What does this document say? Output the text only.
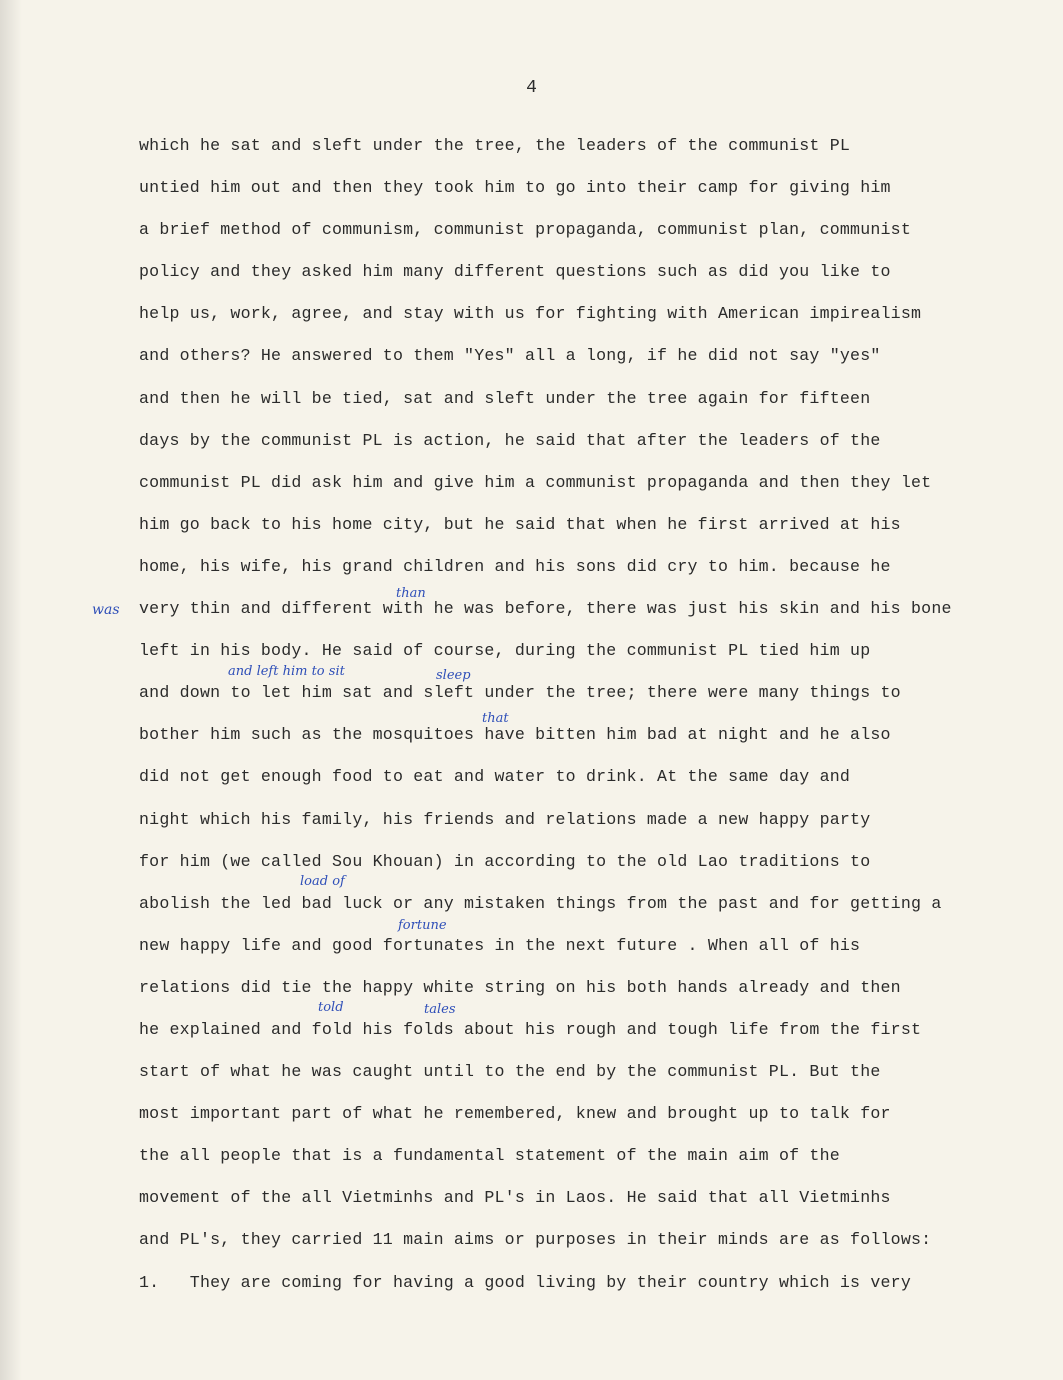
4
which he sat and sleft under the tree, the leaders of the communist PL
untied him out and then they took him to go into their camp for giving him
a brief method of communism, communist propaganda, communist plan, communist
policy and they asked him many different questions such as did you like to
help us, work, agree, and stay with us for fighting with American impirealism
and others? He answered to them "Yes" all a long, if he did not say "yes"
and then he will be tied, sat and sleft under the tree again for fifteen
days by the communist PL is action, he said that after the leaders of the
communist PL did ask him and give him a communist propaganda and then they let
him go back to his home city, but he said that when he first arrived at his
home, his wife, his grand children and his sons did cry to him. because he
very thin and different with he was before, there was just his skin and his bone
left in his body. He said of course, during the communist PL tied him up
and down to let him sat and sleft under the tree; there were many things to
bother him such as the mosquitoes have bitten him bad at night and he also
did not get enough food to eat and water to drink. At the same day and
night which his family, his friends and relations made a new happy party
for him (we called Sou Khouan) in according to the old Lao traditions to
abolish the led bad luck or any mistaken things from the past and for getting a
new happy life and good fortunates in the next future . When all of his
relations did tie the happy white string on his both hands already and then
he explained and fold his folds about his rough and tough life from the first
start of what he was caught until to the end by the communist PL. But the
most important part of what he remembered, knew and brought up to talk for
the all people that is a fundamental statement of the main aim of the
movement of the all Vietminhs and PL's in Laos. He said that all Vietminhs
and PL's, they carried 11 main aims or purposes in their minds are as follows:
1.   They are coming for having a good living by their country which is very
was
than
and left him to sit	sleep
that
load of
fortune
told	tales
